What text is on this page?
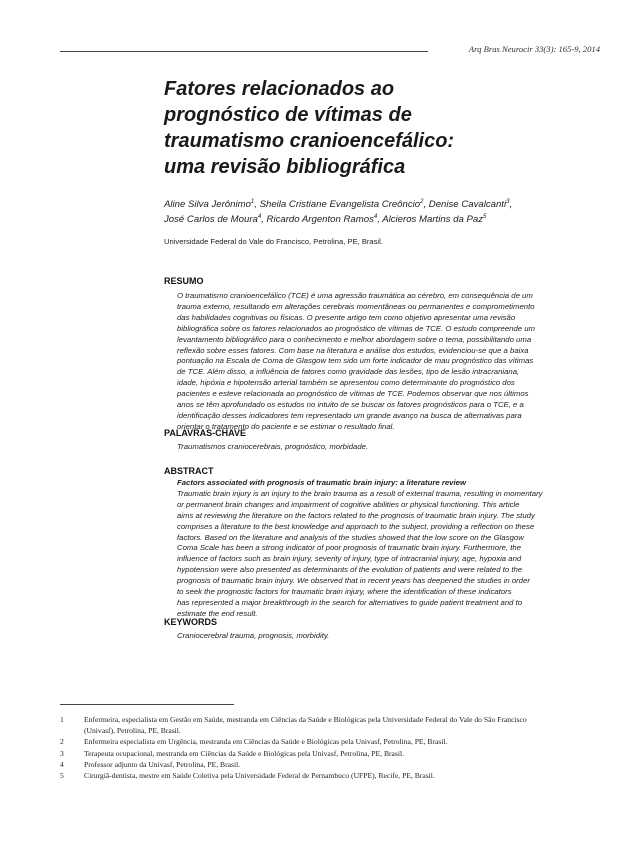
Arq Bras Neurocir 33(3): 165-9, 2014
Fatores relacionados ao
prognóstico de vítimas de
traumatismo cranioencefálico:
uma revisão bibliográfica
Aline Silva Jerônimo$^1$, Sheila Cristiane Evangelista Creôncio$^2$, Denise Cavalcanti$^3$,
José Carlos de Moura$^4$, Ricardo Argenton Ramos$^4$, Alcieros Martins da Paz$^5$
Universidade Federal do Vale do Francisco, Petrolina, PE, Brasil.
RESUMO
O traumatismo cranioencefálico (TCE) é uma agressão traumática ao cérebro, em consequência de um
trauma externo, resultando em alterações cerebrais momentâneas ou permanentes e comprometimento
das habilidades cognitivas ou físicas. O presente artigo tem como objetivo apresentar uma revisão
bibliográfica sobre os fatores relacionados ao prognóstico de vítimas de TCE. O estudo compreende um
levantamento bibliográfico para o conhecimento e melhor abordagem sobre o tema, possibilitando uma
reflexão sobre esses fatores. Com base na literatura e análise dos estudos, evidenciou-se que a baixa
pontuação na Escala de Coma de Glasgow tem sido um forte indicador de mau prognóstico das vítimas
de TCE. Além disso, a influência de fatores como gravidade das lesões, tipo de lesão intracraniana,
idade, hipóxia e hipotensão arterial também se apresentou como determinante do prognóstico dos
pacientes e esteve relacionada ao prognóstico de vítimas de TCE. Podemos observar que nos últimos
anos se têm aprofundado os estudos no intuito de se buscar os fatores prognósticos para o TCE, e a
identificação desses indicadores tem representado um grande avanço na busca de alternativas para
orientar o tratamento do paciente e se estimar o resultado final.
PALAVRAS-CHAVE
Traumatismos craniocerebrais, prognóstico, morbidade.
ABSTRACT
Factors associated with prognosis of traumatic brain injury: a literature review
Traumatic brain injury is an injury to the brain trauma as a result of external trauma, resulting in momentary
or permanent brain changes and impairment of cognitive abilities or physical functioning. This article
aims at reviewing the literature on the factors related to the prognosis of traumatic brain injury. The study
comprises a literature to the best knowledge and approach to the subject, providing a reflection on these
factors. Based on the literature and analysis of the studies showed that the low score on the Glasgow
Coma Scale has been a strong indicator of poor prognosis of traumatic brain injury. Furthermore, the
influence of factors such as brain injury, severity of injury, type of intracranial injury, age, hypoxia and
hypotension were also presented as determinants of the evolution of patients and were related to the
prognosis of traumatic brain injury. We observed that in recent years has deepened the studies in order
to seek the prognostic factors for traumatic brain injury, where the identification of these indicators
has represented a major breakthrough in the search for alternatives to guide patient treatment and to
estimate the end result.
KEYWORDS
Craniocerebral trauma, prognosis, morbidity.
1	Enfermeira, especialista em Gestão em Saúde, mestranda em Ciências da Saúde e Biológicas pela Universidade Federal do Vale do São Francisco
(Univasf), Petrolina, PE, Brasil.
2	Enfermeira especialista em Urgência, mestranda em Ciências da Saúde e Biológicas pela Univasf, Petrolina, PE, Brasil.
3	Terapeuta ocupacional, mestranda em Ciências da Saúde e Biológicas pela Univasf, Petrolina, PE, Brasil.
4	Professor adjunto da Univasf, Petrolina, PE, Brasil.
5	Cirurgiã-dentista, mestre em Saúde Coletiva pela Universidade Federal de Pernambuco (UFPE), Recife, PE, Brasil.
